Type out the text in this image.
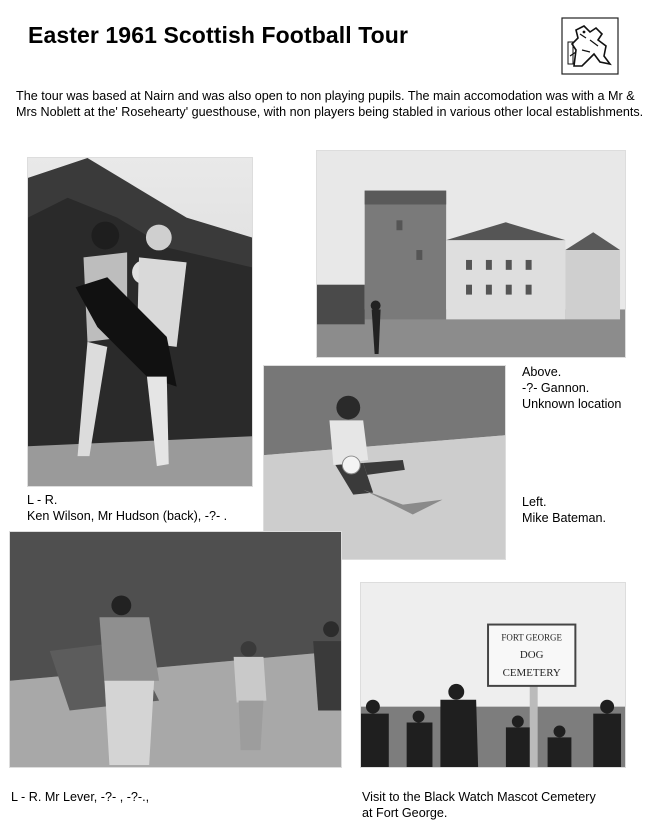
Easter 1961 Scottish Football Tour
The tour was based at Nairn and was also open to non playing pupils. The main accomodation was with a Mr & Mrs Noblett at the' Rosehearty' guesthouse, with non players being stabled in various other local establishments.
FORT GEORGE
DOG
CEMETERY
L - R.
Ken Wilson, Mr Hudson (back), -?- .
Above.
-?- Gannon.
Unknown location
Left.
Mike Bateman.
L - R. Mr Lever, -?- , -?-.,	Visit to the Black Watch Mascot Cemetery
at Fort George.
